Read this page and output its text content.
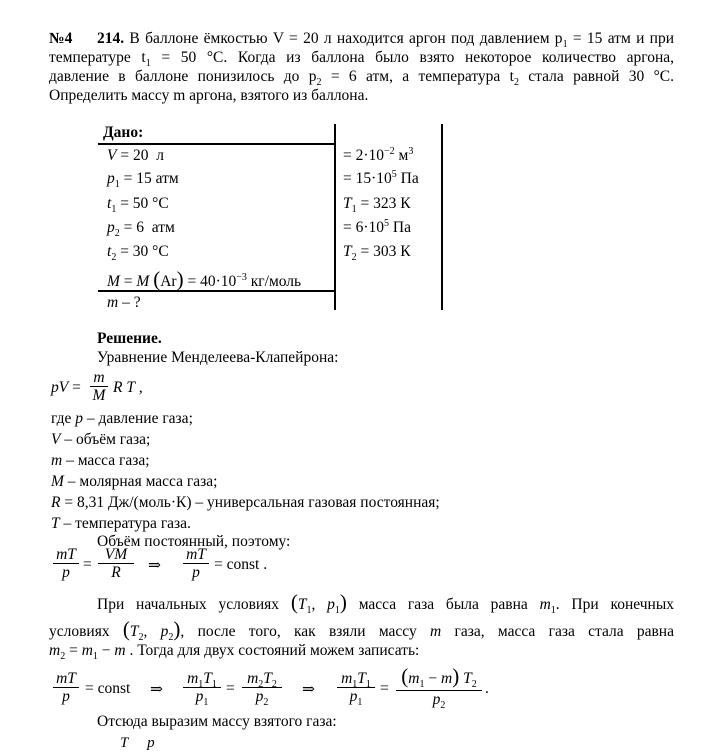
№4 214. В баллоне ёмкостью V = 20 л находится аргон под давлением $p_1 = 15$ атм и при
температуре $t_1 = 50$ °С. Когда из баллона было взято некоторое количество аргона,
давление в баллоне понизилось до $p_2 = 6$ атм, а температура $t_2$ стала равной 30 °С.
Определить массу m аргона, взятого из баллона.
Дано:
V = 20  л
$p_1 = 15$ атм
$t_1 = 50$ °С
$p_2 = 6$  атм
$t_2 = 30$ °С
M = M $(Ar) = 40\cdot 10^{-3}$ кг/моль
m – ?
= $2\cdot 10^{-2}$ $м^3$
= $15\cdot 10^5$ Па
$T_1 = 323$ К
= $6\cdot 10^5$ Па
$T_2 = 303$ К
Решение.
Уравнение Менделеева-Клапейрона:
pV = $\frac{m}{M}$ R T ,
где p – давление газа;
V – объём газа;
m – масса газа;
M – молярная масса газа;
R = 8,31 Дж/(моль·К) – универсальная газовая постоянная;
T – температура газа.
Объём постоянный, поэтому:
$\frac{mT}{p} = \frac{VM}{R}$ ⇒ $\frac{mT}{p}$ = const .
При начальных условиях ($T_1$, $p_1$) масса газа была равна $m_1$. При конечных
условиях ($T_2$, $p_2$), после того, как взяли массу m газа, масса газа стала равна
$m_2 = m_1 - m$ . Тогда для двух состояний можем записать:
$\frac{mT}{p}$ = const ⇒ $\frac{m_1T_1}{p_1} = \frac{m_2T_2}{p_2}$ ⇒ $\frac{m_1T_1}{p_1} = \frac{(m_1 - m) T_2}{p_2}$ .
Отсюда выразим массу взятого газа:
T p
